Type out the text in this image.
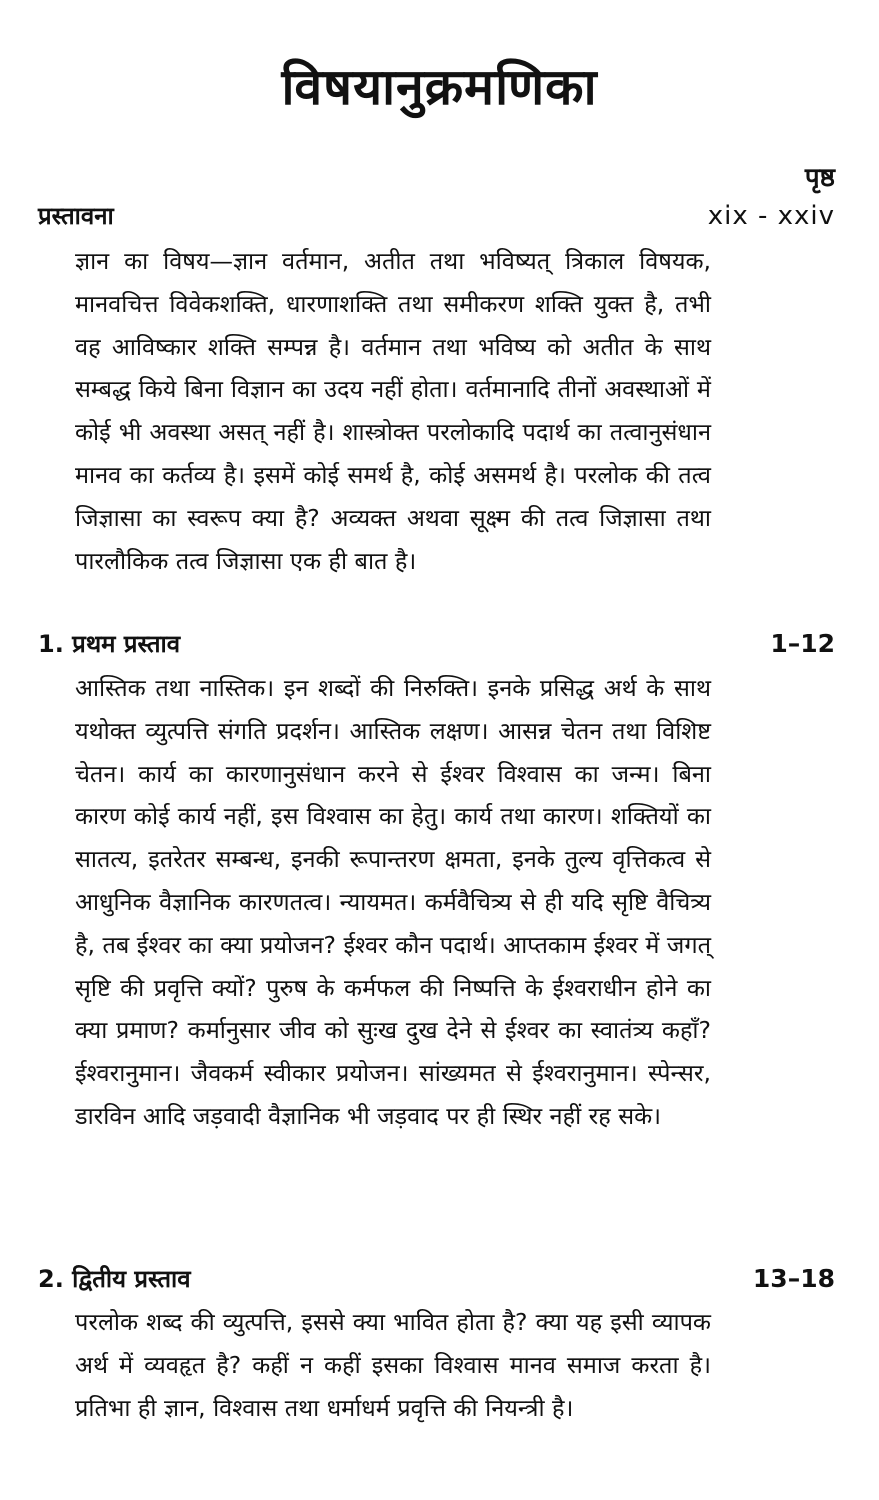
विषयानुक्रमणिका
पृष्ठ
प्रस्तावना	xix - xxiv

ज्ञान का विषय—ज्ञान वर्तमान, अतीत तथा भविष्यत् त्रिकाल विषयक, मानवचित्त विवेकशक्ति, धारणाशक्ति तथा समीकरण शक्ति युक्त है, तभी वह आविष्कार शक्ति सम्पन्न है। वर्तमान तथा भविष्य को अतीत के साथ सम्बद्ध किये बिना विज्ञान का उदय नहीं होता। वर्तमानादि तीनों अवस्थाओं में कोई भी अवस्था असत् नहीं है। शास्त्रोक्त परलोकादि पदार्थ का तत्वानुसंधान मानव का कर्तव्य है। इसमें कोई समर्थ है, कोई असमर्थ है। परलोक की तत्व जिज्ञासा का स्वरूप क्या है? अव्यक्त अथवा सूक्ष्म की तत्व जिज्ञासा तथा पारलौकिक तत्व जिज्ञासा एक ही बात है।

1. प्रथम प्रस्ताव	1–12

आस्तिक तथा नास्तिक। इन शब्दों की निरुक्ति। इनके प्रसिद्ध अर्थ के साथ यथोक्त व्युत्पत्ति संगति प्रदर्शन। आस्तिक लक्षण। आसन्न चेतन तथा विशिष्ट चेतन। कार्य का कारणानुसंधान करने से ईश्वर विश्वास का जन्म। बिना कारण कोई कार्य नहीं, इस विश्वास का हेतु। कार्य तथा कारण। शक्तियों का सातत्य, इतरेतर सम्बन्ध, इनकी रूपान्तरण क्षमता, इनके तुल्य वृत्तिकत्व से आधुनिक वैज्ञानिक कारणतत्व। न्यायमत। कर्मवैचित्र्य से ही यदि सृष्टि वैचित्र्य है, तब ईश्वर का क्या प्रयोजन? ईश्वर कौन पदार्थ। आप्तकाम ईश्वर में जगत् सृष्टि की प्रवृत्ति क्यों? पुरुष के कर्मफल की निष्पत्ति के ईश्वराधीन होने का क्या प्रमाण? कर्मानुसार जीव को सुःख दुख देने से ईश्वर का स्वातंत्र्य कहाँ? ईश्वरानुमान। जैवकर्म स्वीकार प्रयोजन। सांख्यमत से ईश्वरानुमान। स्पेन्सर, डारविन आदि जड़वादी वैज्ञानिक भी जड़वाद पर ही स्थिर नहीं रह सके।

2. द्वितीय प्रस्ताव	13–18

परलोक शब्द की व्युत्पत्ति, इससे क्या भावित होता है? क्या यह इसी व्यापक अर्थ में व्यवहृत है? कहीं न कहीं इसका विश्वास मानव समाज करता है। प्रतिभा ही ज्ञान, विश्वास तथा धर्माधर्म प्रवृत्ति की नियन्त्री है।
